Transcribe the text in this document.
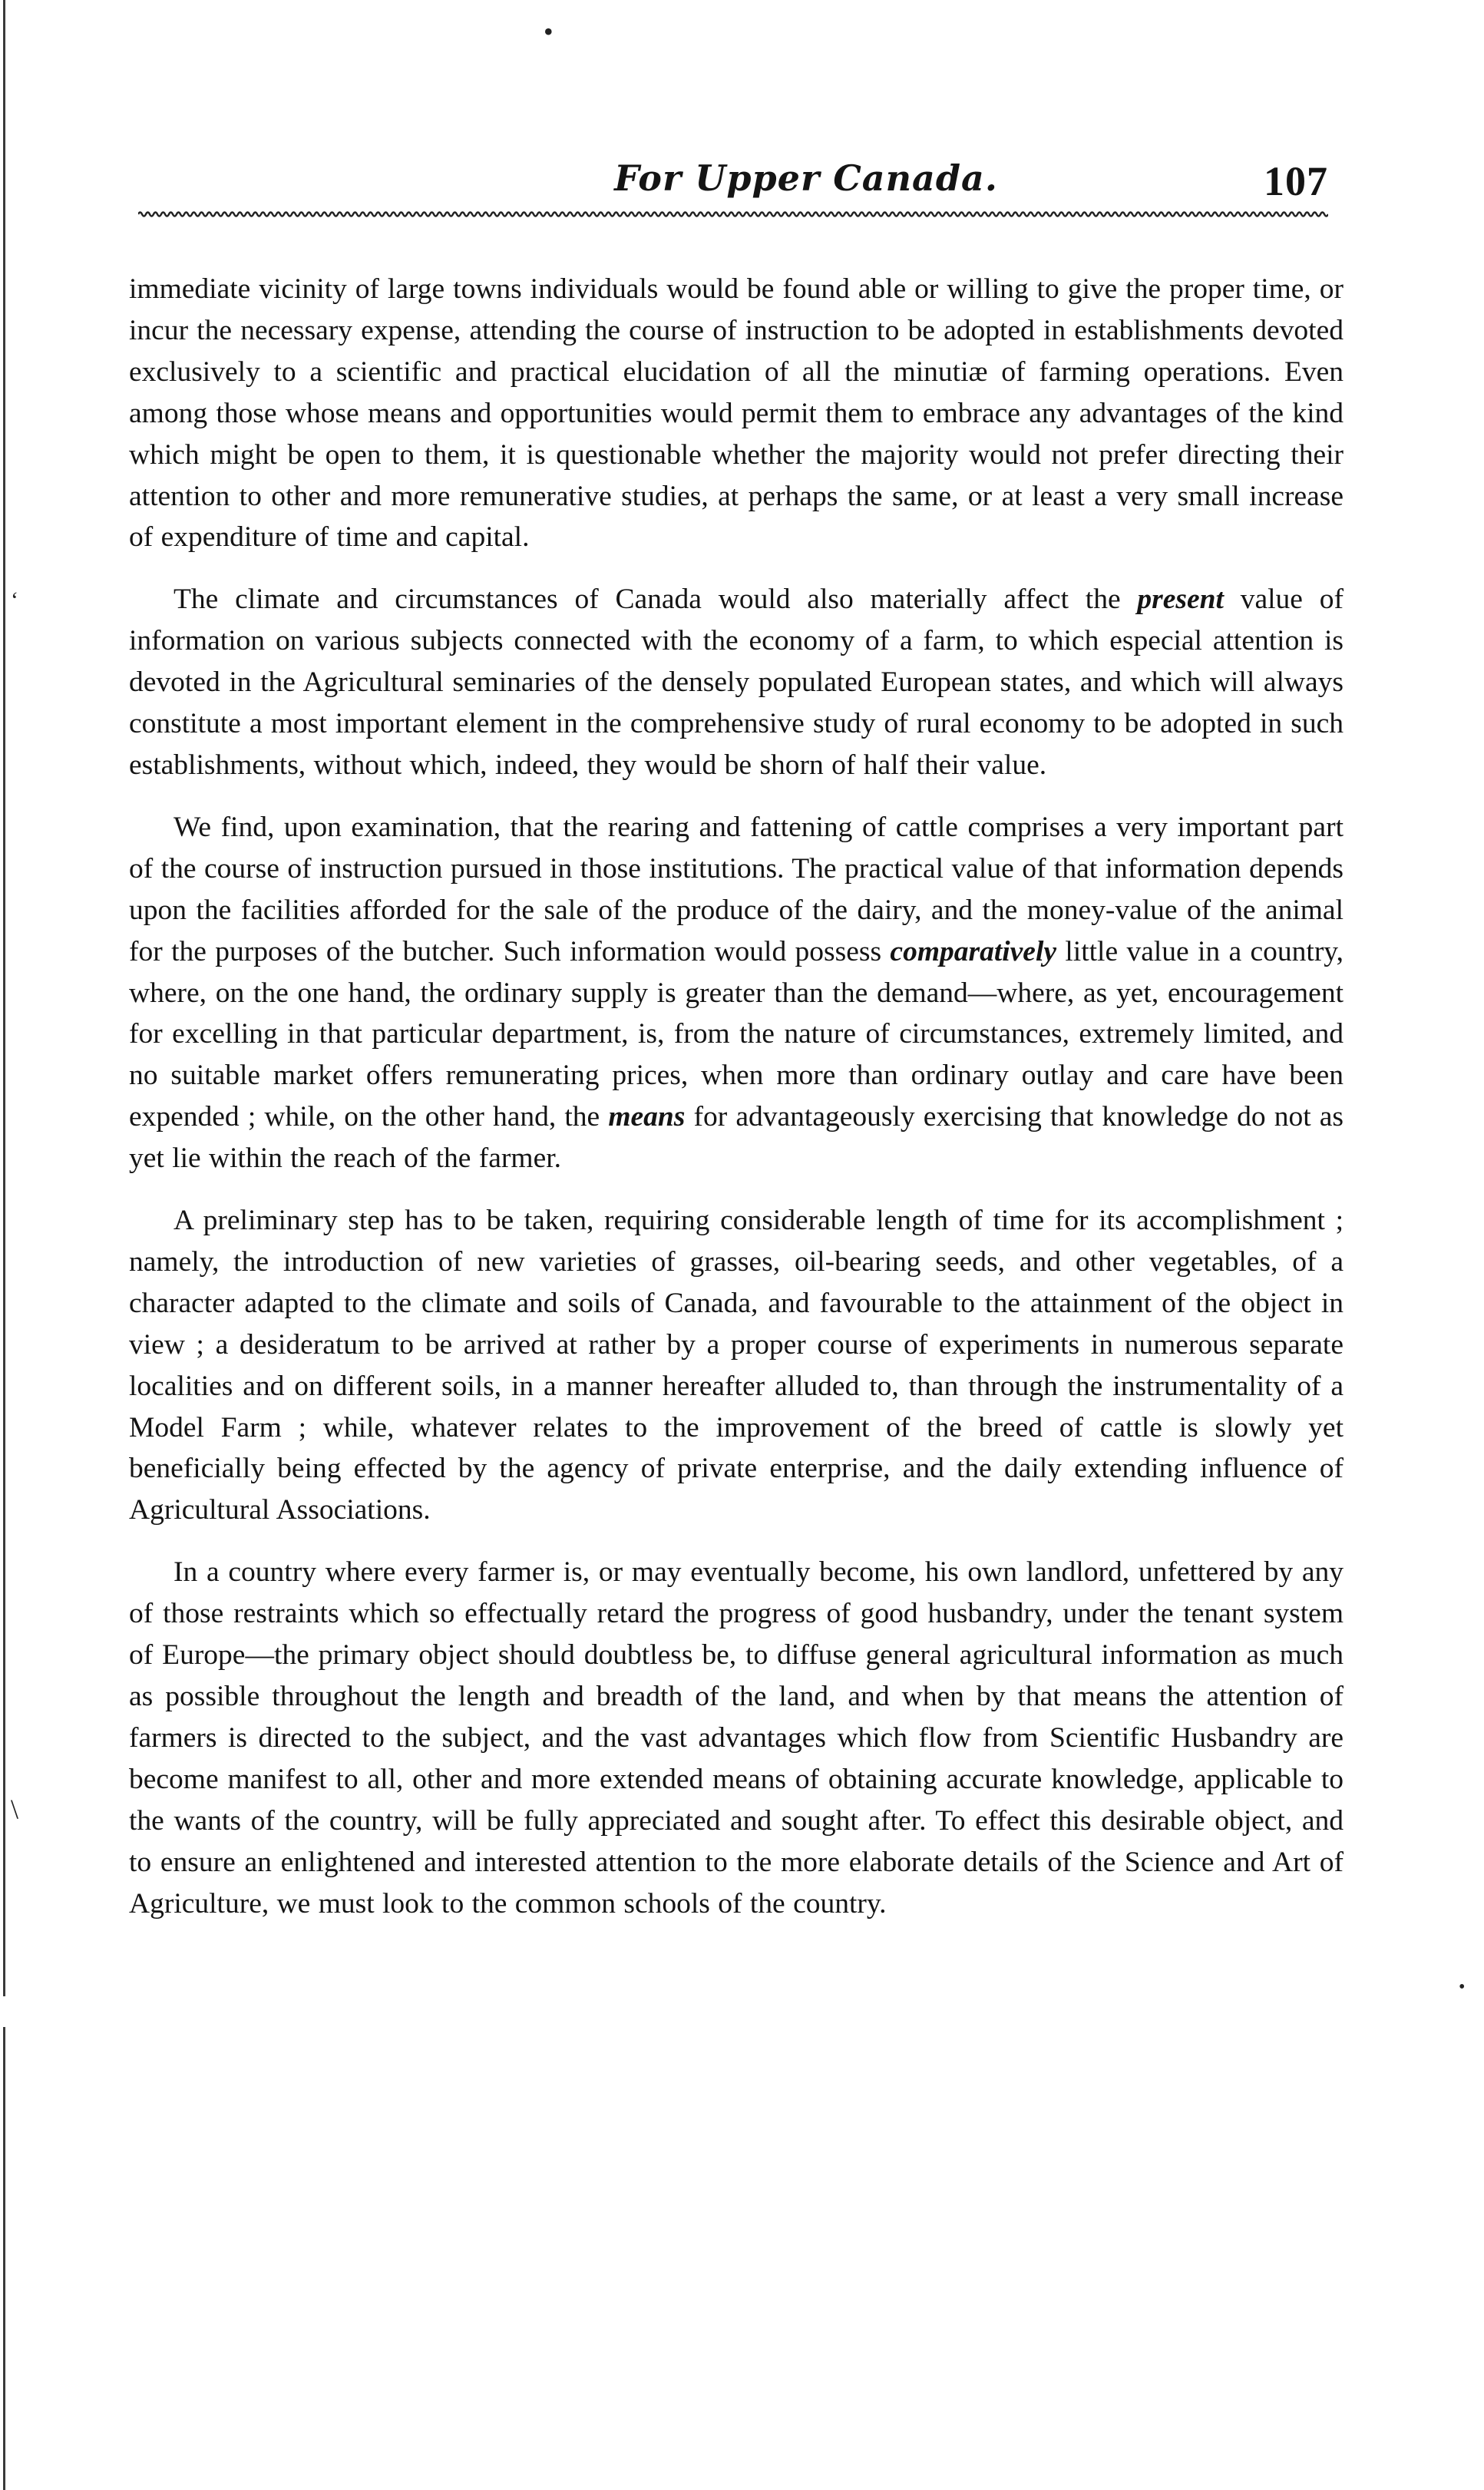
•
‘
\
•
For Upper Canada.	107

immediate vicinity of large towns individuals would be found able or willing to give the proper time, or incur the necessary expense, attending the course of instruction to be adopted in establishments devoted exclusively to a scientific and practical elucidation of all the minutiæ of farming operations. Even among those whose means and opportunities would permit them to embrace any advantages of the kind which might be open to them, it is questionable whether the majority would not prefer directing their attention to other and more remunerative studies, at perhaps the same, or at least a very small increase of expenditure of time and capital.

The climate and circumstances of Canada would also materially affect the present value of information on various subjects connected with the economy of a farm, to which especial attention is devoted in the Agricultural seminaries of the densely populated European states, and which will always constitute a most important element in the comprehensive study of rural economy to be adopted in such establishments, without which, indeed, they would be shorn of half their value.

We find, upon examination, that the rearing and fattening of cattle comprises a very important part of the course of instruction pursued in those institutions. The practical value of that information depends upon the facilities afforded for the sale of the produce of the dairy, and the money-value of the animal for the purposes of the butcher. Such information would possess comparatively little value in a country, where, on the one hand, the ordinary supply is greater than the demand—where, as yet, encouragement for excelling in that particular department, is, from the nature of circumstances, extremely limited, and no suitable market offers remunerating prices, when more than ordinary outlay and care have been expended ; while, on the other hand, the means for advantageously exercising that knowledge do not as yet lie within the reach of the farmer.

A preliminary step has to be taken, requiring considerable length of time for its accomplishment ; namely, the introduction of new varieties of grasses, oil-bearing seeds, and other vegetables, of a character adapted to the climate and soils of Canada, and favourable to the attainment of the object in view ; a desideratum to be arrived at rather by a proper course of experiments in numerous separate localities and on different soils, in a manner hereafter alluded to, than through the instrumentality of a Model Farm ; while, whatever relates to the improvement of the breed of cattle is slowly yet beneficially being effected by the agency of private enterprise, and the daily extending influence of Agricultural Associations.

In a country where every farmer is, or may eventually become, his own landlord, unfettered by any of those restraints which so effectually retard the progress of good husbandry, under the tenant system of Europe—the primary object should doubtless be, to diffuse general agricultural information as much as possible throughout the length and breadth of the land, and when by that means the attention of farmers is directed to the subject, and the vast advantages which flow from Scientific Husbandry are become manifest to all, other and more extended means of obtaining accurate knowledge, applicable to the wants of the country, will be fully appreciated and sought after. To effect this desirable object, and to ensure an enlightened and interested attention to the more elaborate details of the Science and Art of Agriculture, we must look to the common schools of the country.
